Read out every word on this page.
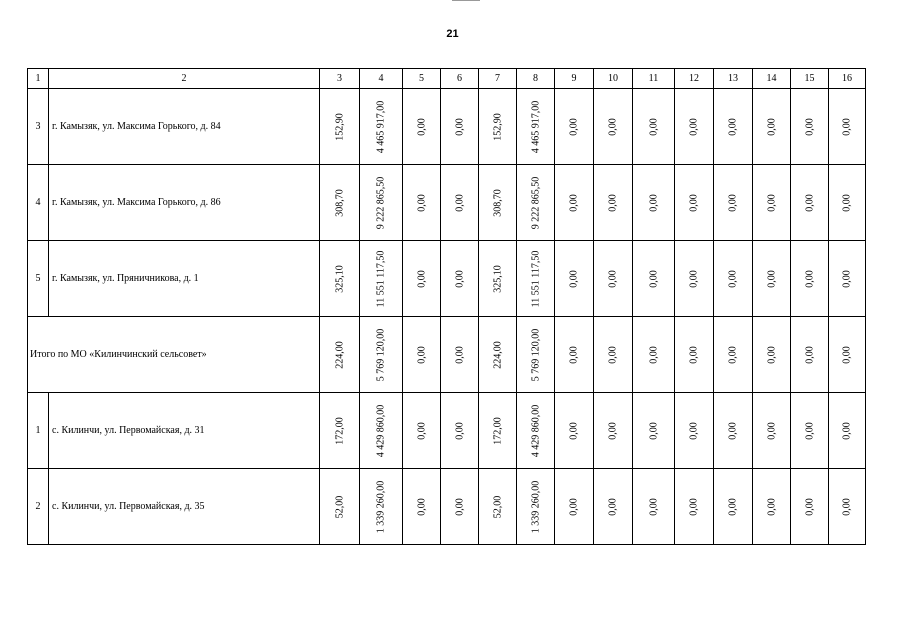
21
1	2	3	4	5	6	7	8	9	10	11	12	13	14	15	16
3	г. Камызяк, ул. Максима Горького, д. 84	152,90	4 465 917,00	0,00	0,00	152,90	4 465 917,00	0,00	0,00	0,00	0,00	0,00	0,00	0,00	0,00

4	г. Камызяк, ул. Максима Горького, д. 86	308,70	9 222 865,50	0,00	0,00	308,70	9 222 865,50	0,00	0,00	0,00	0,00	0,00	0,00	0,00	0,00

5	г. Камызяк, ул. Пряничникова, д. 1	325,10	11 551 117,50	0,00	0,00	325,10	11 551 117,50	0,00	0,00	0,00	0,00	0,00	0,00	0,00	0,00

Итого по МО «Килинчинский сельсовет»		224,00	5 769 120,00	0,00	0,00	224,00	5 769 120,00	0,00	0,00	0,00	0,00	0,00	0,00	0,00	0,00

1	с. Килинчи, ул. Первомайская, д. 31	172,00	4 429 860,00	0,00	0,00	172,00	4 429 860,00	0,00	0,00	0,00	0,00	0,00	0,00	0,00	0,00

2	с. Килинчи, ул. Первомайская, д. 35	52,00	1 339 260,00	0,00	0,00	52,00	1 339 260,00	0,00	0,00	0,00	0,00	0,00	0,00	0,00	0,00
